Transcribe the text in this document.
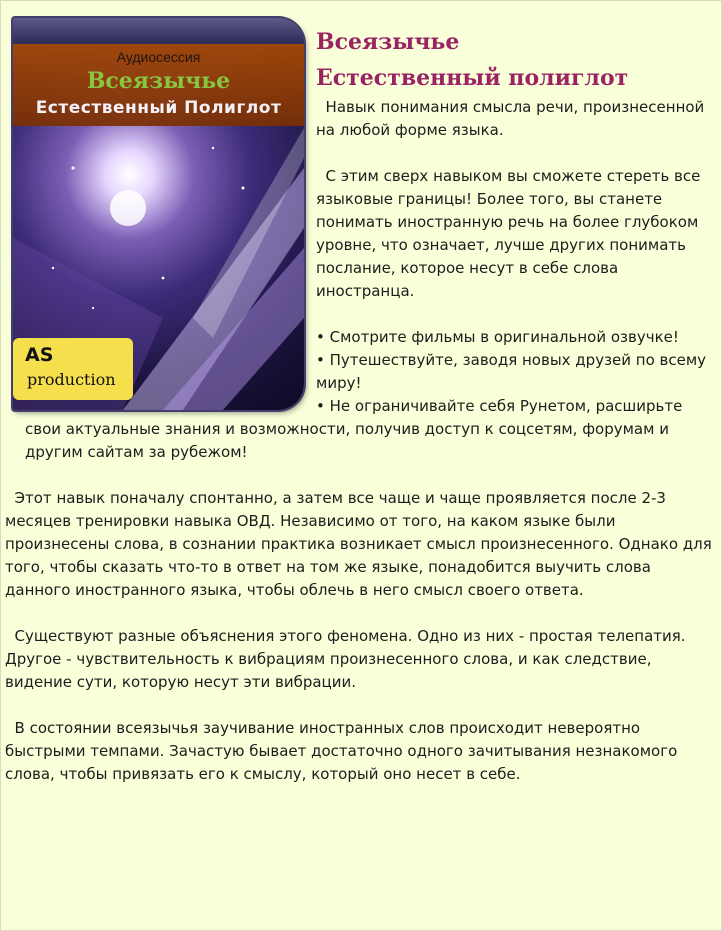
Аудиосессия
Всеязычье
Естественный Полиглот
AS
production
Всеязычье
Естественный полиглот

Навык понимания смысла речи, произнесенной на любой форме языка.

С этим сверх навыком вы сможете стереть все языковые границы! Более того, вы станете понимать иностранную речь на более глубоком уровне, что означает, лучше других понимать послание, которое несут в себе слова иностранца.

• Смотрите фильмы в оригинальной озвучке!

• Путешествуйте, заводя новых друзей по всему миру!

• Не ограничивайте себя Рунетом, расширьте свои актуальные знания и возможности, получив доступ к соцсетям, форумам и другим сайтам за рубежом!

Этот навык поначалу спонтанно, а затем все чаще и чаще проявляется после 2-3 месяцев тренировки навыка ОВД. Независимо от того, на каком языке были произнесены слова, в сознании практика возникает смысл произнесенного. Однако для того, чтобы сказать что-то в ответ на том же языке, понадобится выучить слова данного иностранного языка, чтобы облечь в него смысл своего ответа.

Существуют разные объяснения этого феномена. Одно из них - простая телепатия. Другое - чувствительность к вибрациям произнесенного слова, и как следствие, видение сути, которую несут эти вибрации.

В состоянии всеязычья заучивание иностранных слов происходит невероятно быстрыми темпами. Зачастую бывает достаточно одного зачитывания незнакомого слова, чтобы привязать его к смыслу, который оно несет в себе.
